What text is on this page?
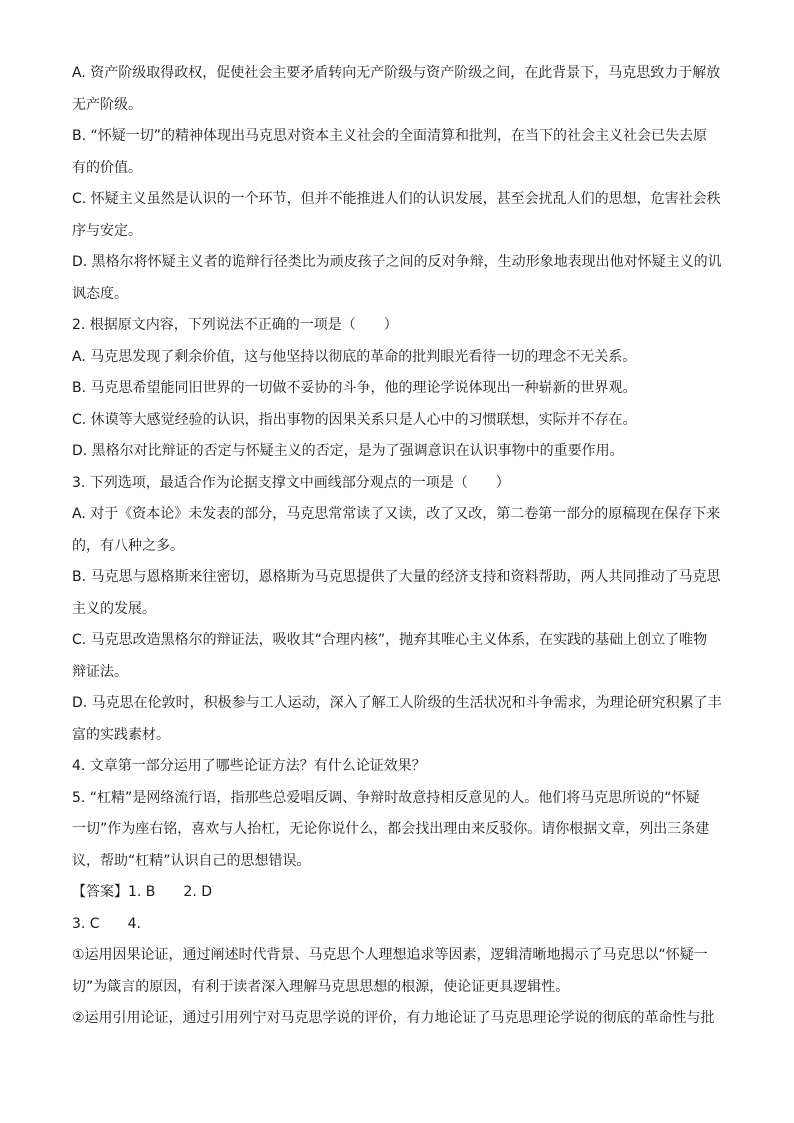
A. 资产阶级取得政权，促使社会主要矛盾转向无产阶级与资产阶级之间，在此背景下，马克思致力于解放

无产阶级。

B. “怀疑一切”的精神体现出马克思对资本主义社会的全面清算和批判，在当下的社会主义社会已失去原

有的价值。

C. 怀疑主义虽然是认识的一个环节，但并不能推进人们的认识发展，甚至会扰乱人们的思想，危害社会秩

序与安定。

D. 黑格尔将怀疑主义者的诡辩行径类比为顽皮孩子之间的反对争辩，生动形象地表现出他对怀疑主义的讥

讽态度。

2. 根据原文内容，下列说法不正确的一项是（　　）

A. 马克思发现了剩余价值，这与他坚持以彻底的革命的批判眼光看待一切的理念不无关系。

B. 马克思希望能同旧世界的一切做不妥协的斗争，他的理论学说体现出一种崭新的世界观。

C. 休谟等大感觉经验的认识，指出事物的因果关系只是人心中的习惯联想，实际并不存在。

D. 黑格尔对比辩证的否定与怀疑主义的否定，是为了强调意识在认识事物中的重要作用。

3. 下列选项，最适合作为论据支撑文中画线部分观点的一项是（　　）

A. 对于《资本论》未发表的部分，马克思常常读了又读，改了又改，第二卷第一部分的原稿现在保存下来

的，有八种之多。

B. 马克思与恩格斯来往密切，恩格斯为马克思提供了大量的经济支持和资料帮助，两人共同推动了马克思

主义的发展。

C. 马克思改造黑格尔的辩证法，吸收其“合理内核”，抛弃其唯心主义体系，在实践的基础上创立了唯物

辩证法。

D. 马克思在伦敦时，积极参与工人运动，深入了解工人阶级的生活状况和斗争需求，为理论研究积累了丰

富的实践素材。

4. 文章第一部分运用了哪些论证方法？有什么论证效果？

5. “杠精”是网络流行语，指那些总爱唱反调、争辩时故意持相反意见的人。他们将马克思所说的“怀疑

一切”作为座右铭，喜欢与人抬杠，无论你说什么，都会找出理由来反驳你。请你根据文章，列出三条建

议，帮助“杠精”认识自己的思想错误。

【答案】1. B 2. D

3. C 4.

①运用因果论证，通过阐述时代背景、马克思个人理想追求等因素，逻辑清晰地揭示了马克思以“怀疑一

切”为箴言的原因，有利于读者深入理解马克思思想的根源，使论证更具逻辑性。

②运用引用论证，通过引用列宁对马克思学说的评价，有力地论证了马克思理论学说的彻底的革命性与批
